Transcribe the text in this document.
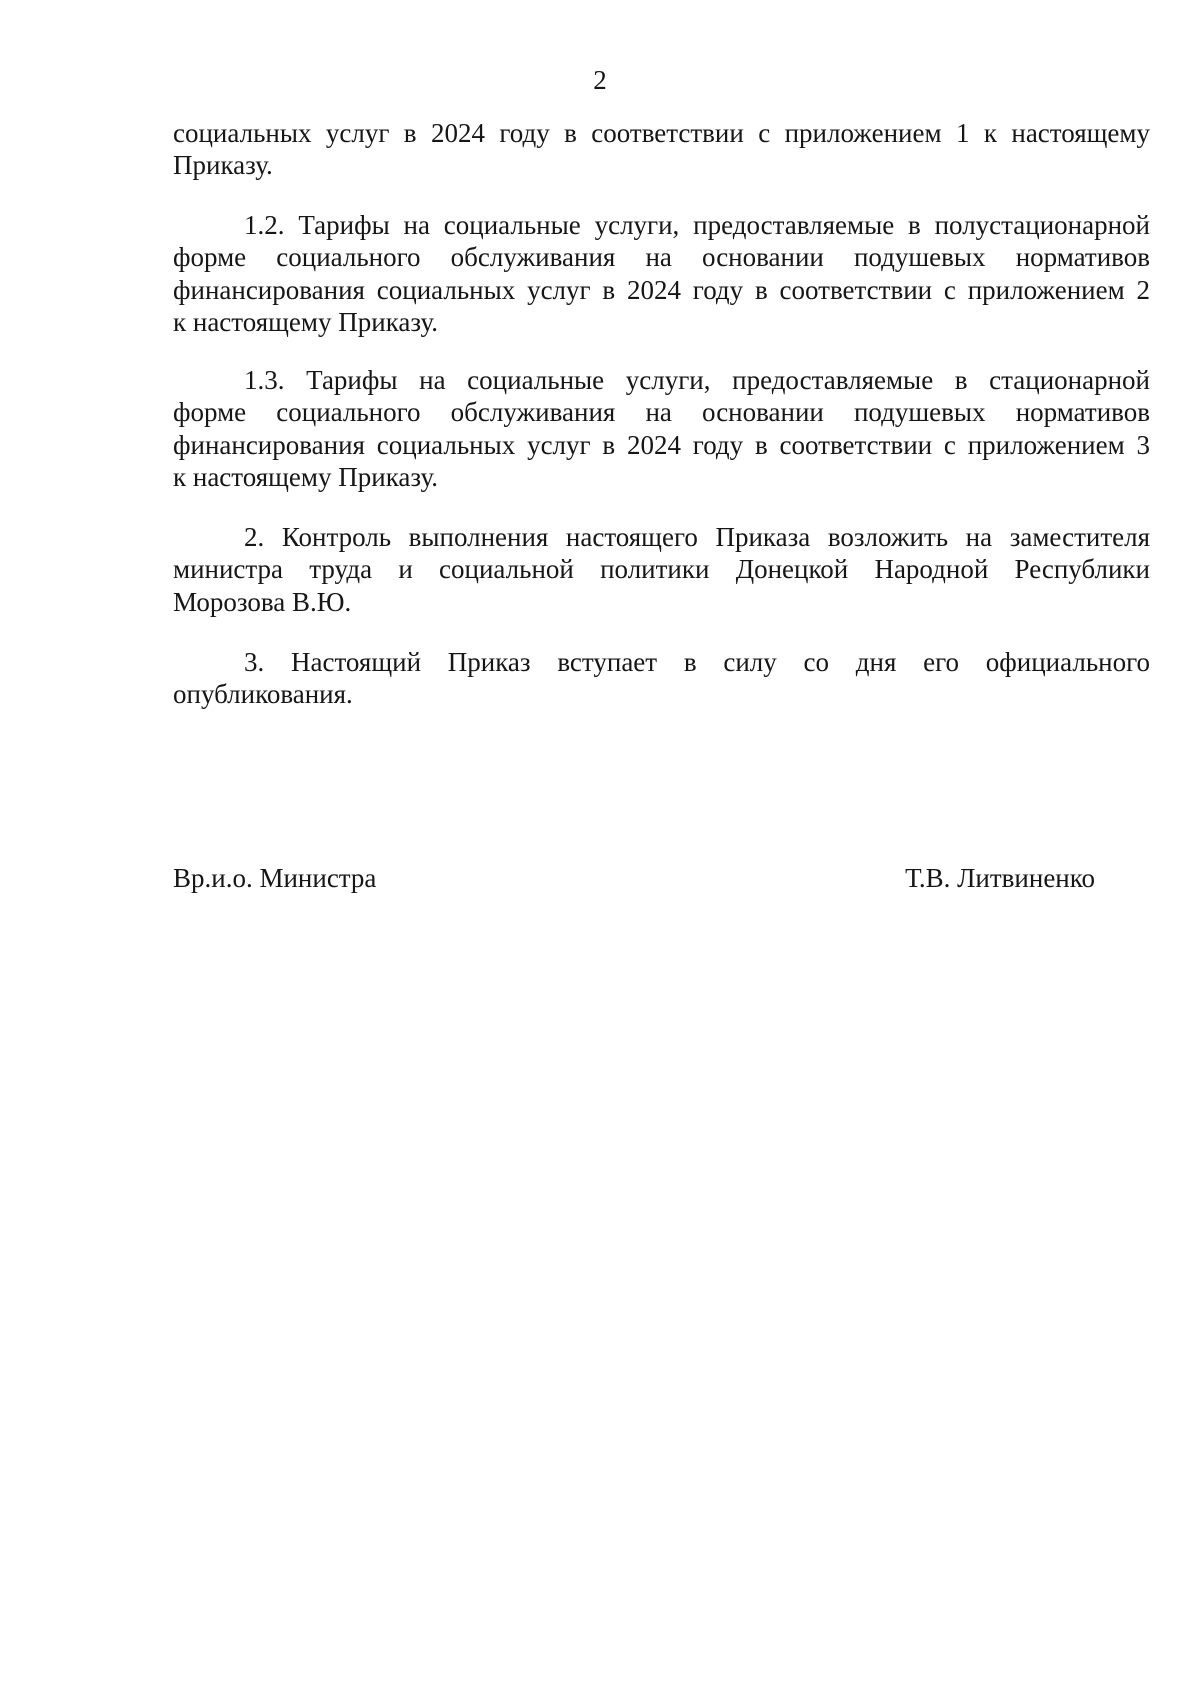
2
социальных услуг в 2024 году в соответствии с приложением 1 к настоящему
Приказу.
1.2. Тарифы на социальные услуги, предоставляемые в полустационарной
форме социального обслуживания на основании подушевых нормативов
финансирования социальных услуг в 2024 году в соответствии с приложением 2
к настоящему Приказу.
1.3. Тарифы на социальные услуги, предоставляемые в стационарной
форме социального обслуживания на основании подушевых нормативов
финансирования социальных услуг в 2024 году в соответствии с приложением 3
к настоящему Приказу.
2. Контроль выполнения настоящего Приказа возложить на заместителя
министра труда и социальной политики Донецкой Народной Республики
Морозова В.Ю.
3. Настоящий Приказ вступает в силу со дня его официального
опубликования.
Вр.и.о. Министра	Т.В. Литвиненко
